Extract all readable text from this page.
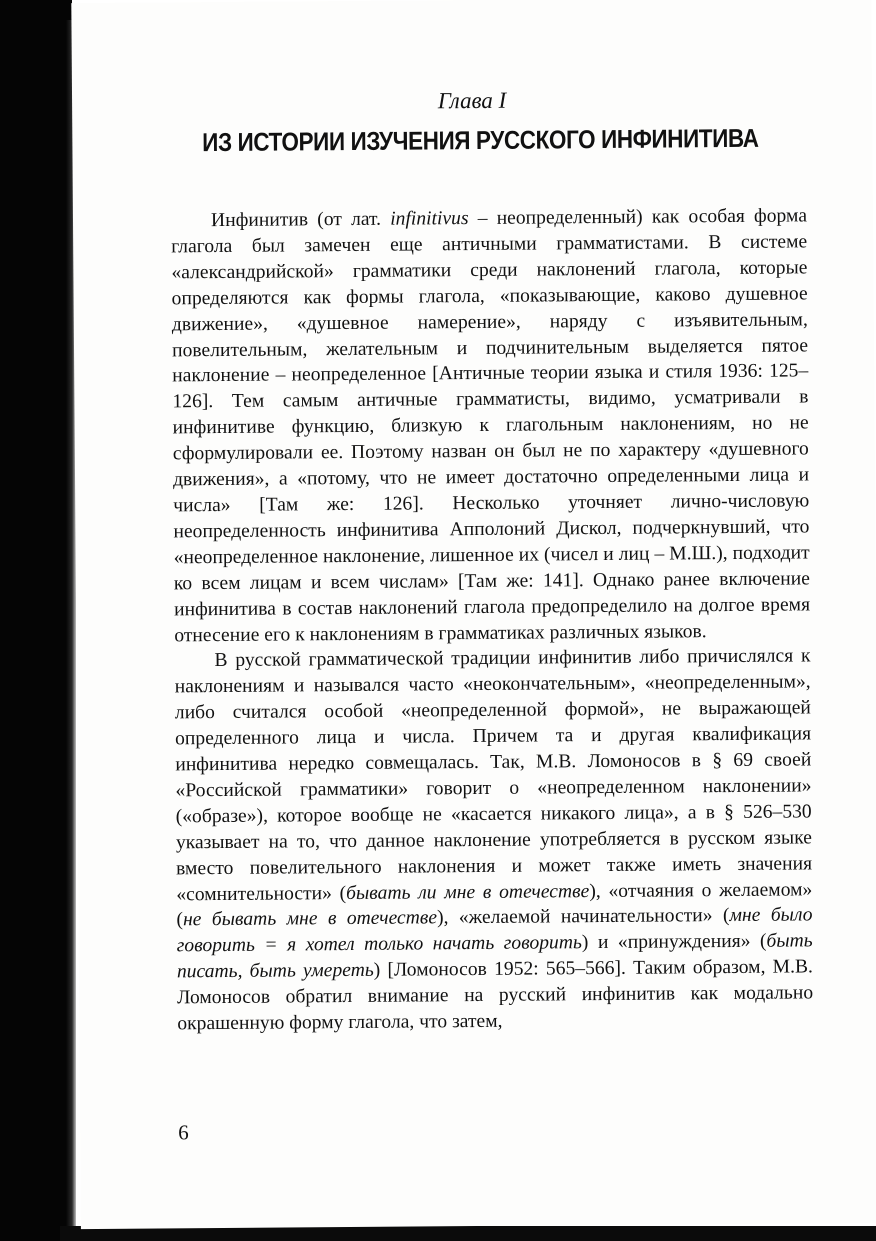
Глава I
ИЗ ИСТОРИИ ИЗУЧЕНИЯ РУССКОГО ИНФИНИТИВА

Инфинитив (от лат. infinitivus – неопределенный) как особая форма глагола был замечен еще античными грамматистами. В системе «александрийской» грамматики среди наклонений глагола, которые определяются как формы глагола, «показывающие, каково душевное движение», «душевное намерение», наряду с изъявительным, повелительным, желательным и подчинительным выделяется пятое наклонение – неопределенное [Античные теории языка и стиля 1936: 125–126]. Тем самым античные грамматисты, видимо, усматривали в инфинитиве функцию, близкую к глагольным наклонениям, но не сформулировали ее. Поэтому назван он был не по характеру «душевного движения», а «потому, что не имеет достаточно определенными лица и числа» [Там же: 126]. Несколько уточняет лично-числовую неопределенность инфинитива Апполоний Дискол, подчеркнувший, что «неопределенное наклонение, лишенное их (чисел и лиц – М.Ш.), подходит ко всем лицам и всем числам» [Там же: 141]. Однако ранее включение инфинитива в состав наклонений глагола предопределило на долгое время отнесение его к наклонениям в грамматиках различных языков.

В русской грамматической традиции инфинитив либо причислялся к наклонениям и назывался часто «неокончательным», «неопределенным», либо считался особой «неопределенной формой», не выражающей определенного лица и числа. Причем та и другая квалификация инфинитива нередко совмещалась. Так, М.В. Ломоносов в § 69 своей «Российской грамматики» говорит о «неопределенном наклонении» («образе»), которое вообще не «касается никакого лица», а в § 526–530 указывает на то, что данное наклонение употребляется в русском языке вместо повелительного наклонения и может также иметь значения «сомнительности» (бывать ли мне в отечестве), «отчаяния о желаемом» (не бывать мне в отечестве), «желаемой начинательности» (мне было говорить = я хотел только начать говорить) и «принуждения» (быть писать, быть умереть) [Ломоносов 1952: 565–566]. Таким образом, М.В. Ломоносов обратил внимание на русский инфинитив как модально окрашенную форму глагола, что затем,

6
